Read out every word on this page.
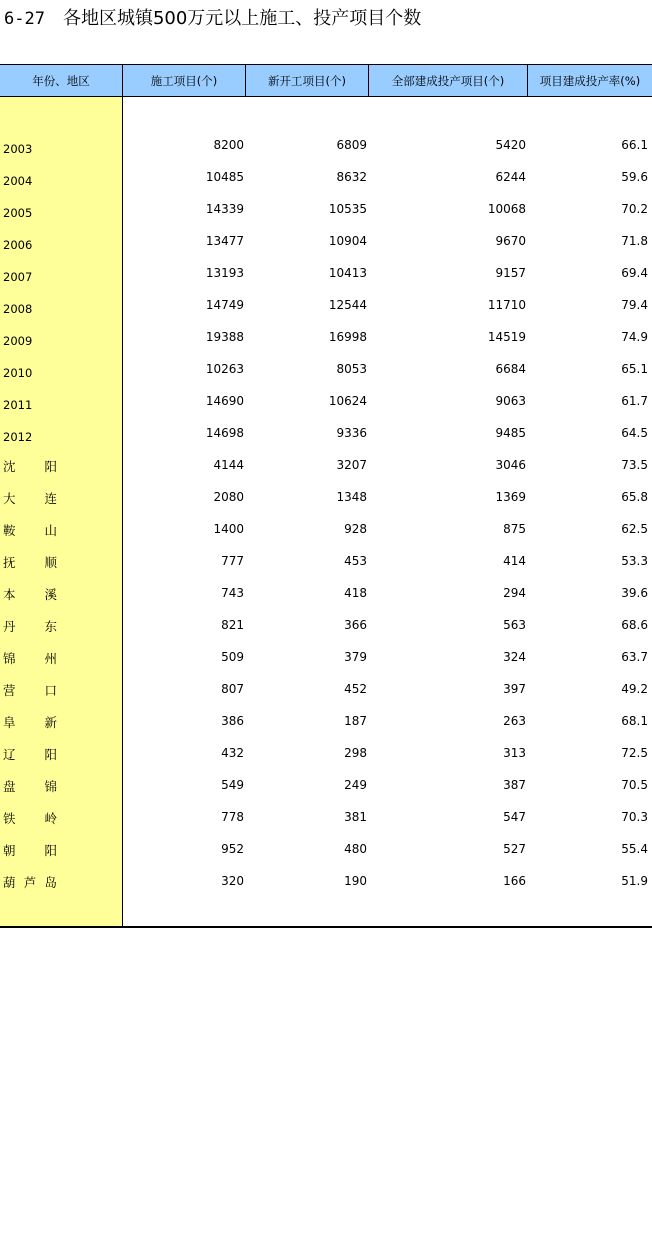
6-27 各地区城镇500万元以上施工、投产项目个数
年份、地区	施工项目(个)	新开工项目(个)	全部建成投产项目(个)	项目建成投产率(%)
2003	8200	6809	5420	66.1
2004	10485	8632	6244	59.6
2005	14339	10535	10068	70.2
2006	13477	10904	9670	71.8
2007	13193	10413	9157	69.4
2008	14749	12544	11710	79.4
2009	19388	16998	14519	74.9
2010	10263	8053	6684	65.1
2011	14690	10624	9063	61.7
2012	14698	9336	9485	64.5
沈 阳	4144	3207	3046	73.5
大 连	2080	1348	1369	65.8
鞍 山	1400	928	875	62.5
抚 顺	777	453	414	53.3
本 溪	743	418	294	39.6
丹 东	821	366	563	68.6
锦 州	509	379	324	63.7
营 口	807	452	397	49.2
阜 新	386	187	263	68.1
辽 阳	432	298	313	72.5
盘 锦	549	249	387	70.5
铁 岭	778	381	547	70.3
朝 阳	952	480	527	55.4
葫 芦 岛	320	190	166	51.9
